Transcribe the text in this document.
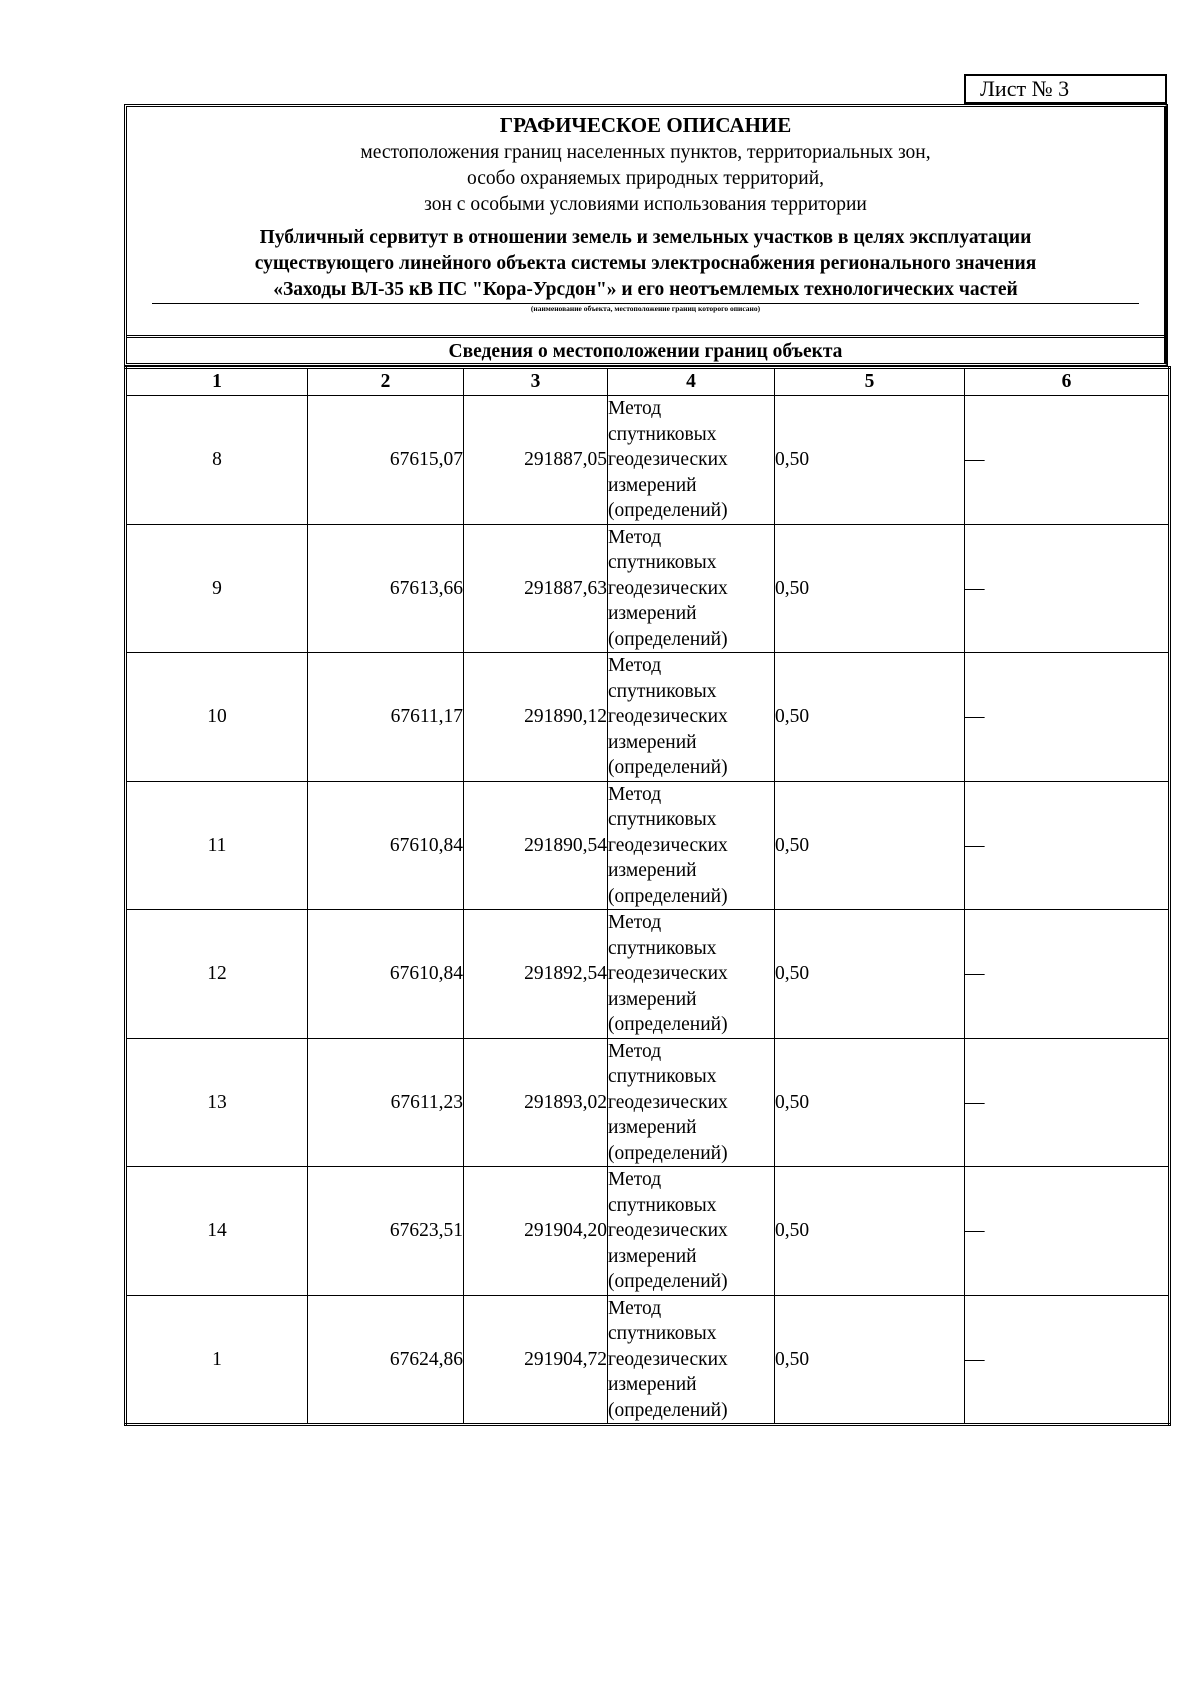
Лист № 3
ГРАФИЧЕСКОЕ ОПИСАНИЕ
местоположения границ населенных пунктов, территориальных зон,
особо охраняемых природных территорий,
зон с особыми условиями использования территории
Публичный сервитут в отношении земель и земельных участков в целях эксплуатации
существующего линейного объекта системы электроснабжения регионального значения
«Заходы ВЛ-35 кВ ПС "Кора-Урсдон"» и его неотъемлемых технологических частей
(наименование объекта, местоположение границ которого описано)
Сведения о местоположении границ объекта
1	2	3	4	5	6
8	67615,07	291887,05	Метод
спутниковых
геодезических
измерений
(определений)	0,50	—
9	67613,66	291887,63	Метод
спутниковых
геодезических
измерений
(определений)	0,50	—
10	67611,17	291890,12	Метод
спутниковых
геодезических
измерений
(определений)	0,50	—
11	67610,84	291890,54	Метод
спутниковых
геодезических
измерений
(определений)	0,50	—
12	67610,84	291892,54	Метод
спутниковых
геодезических
измерений
(определений)	0,50	—
13	67611,23	291893,02	Метод
спутниковых
геодезических
измерений
(определений)	0,50	—
14	67623,51	291904,20	Метод
спутниковых
геодезических
измерений
(определений)	0,50	—
1	67624,86	291904,72	Метод
спутниковых
геодезических
измерений
(определений)	0,50	—
